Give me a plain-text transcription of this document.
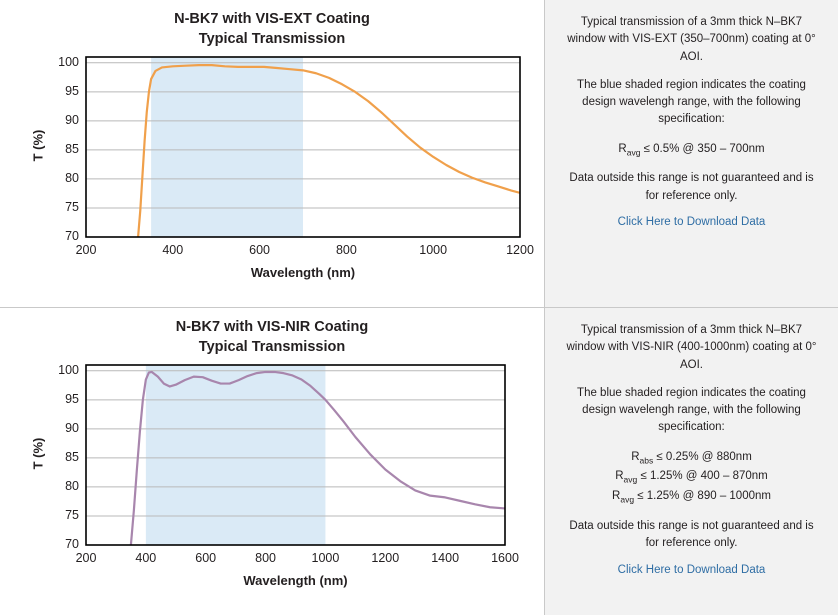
N-BK7 with VIS-EXT Coating
Typical Transmission
70
75
80
85
90
95
100
200	400	600	800	1000	1200
T (%)
Wavelength (nm)

Typical transmission of a 3mm thick N–BK7 window with VIS-EXT (350–700nm) coating at 0° AOI.

The blue shaded region indicates the coating design wavelengh range, with the following specification:

$R_{avg} \le 0.5\%$ @ 350 – 700nm

Data outside this range is not guaranteed and is for reference only.

Click Here to Download Data
N-BK7 with VIS-NIR Coating
Typical Transmission
70
75
80
85
90
95
100
200	400	600	800	1000	1200	1400	1600
T (%)
Wavelength (nm)

Typical transmission of a 3mm thick N–BK7 window with VIS-NIR (400-1000nm) coating at 0° AOI.

The blue shaded region indicates the coating design wavelengh range, with the following specification:

$R_{abs} \le 0.25\%$ @ 880nm
$R_{avg} \le 1.25\%$ @ 400 – 870nm
$R_{avg} \le 1.25\%$ @ 890 – 1000nm

Data outside this range is not guaranteed and is for reference only.

Click Here to Download Data
